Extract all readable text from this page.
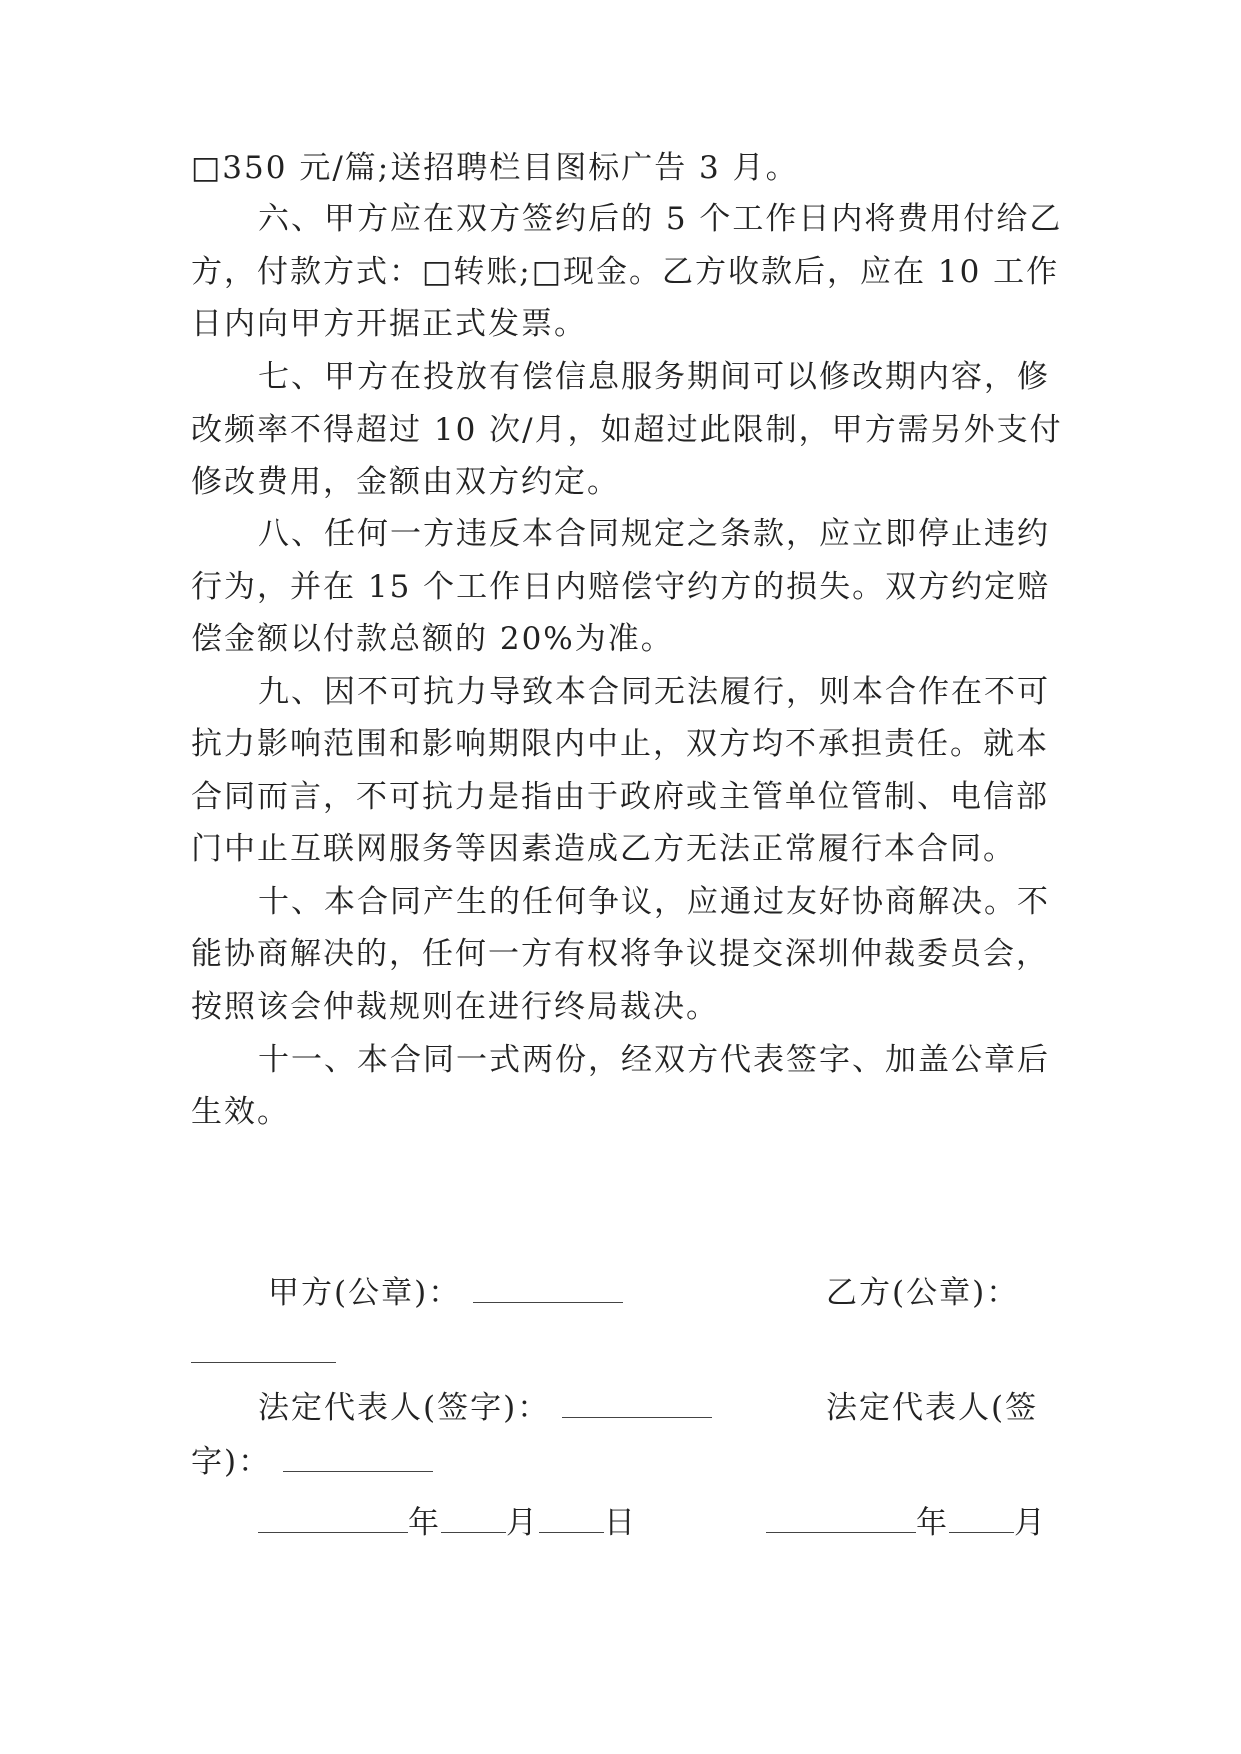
□350 元/篇;送招聘栏目图标广告 3 月。
六、甲方应在双方签约后的 5 个工作日内将费用付给乙
方，付款方式：□转账;□现金。乙方收款后，应在 10 工作
日内向甲方开据正式发票。
七、甲方在投放有偿信息服务期间可以修改期内容，修
改频率不得超过 10 次/月，如超过此限制，甲方需另外支付
修改费用，金额由双方约定。
八、任何一方违反本合同规定之条款，应立即停止违约
行为，并在 15 个工作日内赔偿守约方的损失。双方约定赔
偿金额以付款总额的 20%为准。
九、因不可抗力导致本合同无法履行，则本合作在不可
抗力影响范围和影响期限内中止，双方均不承担责任。就本
合同而言，不可抗力是指由于政府或主管单位管制、电信部
门中止互联网服务等因素造成乙方无法正常履行本合同。
十、本合同产生的任何争议，应通过友好协商解决。不
能协商解决的，任何一方有权将争议提交深圳仲裁委员会，
按照该会仲裁规则在进行终局裁决。
十一、本合同一式两份，经双方代表签字、加盖公章后
生效。
甲方(公章)：	乙方(公章)：
法定代表人(签字)：	法定代表人(签
字)：
年 月 日	年 月
